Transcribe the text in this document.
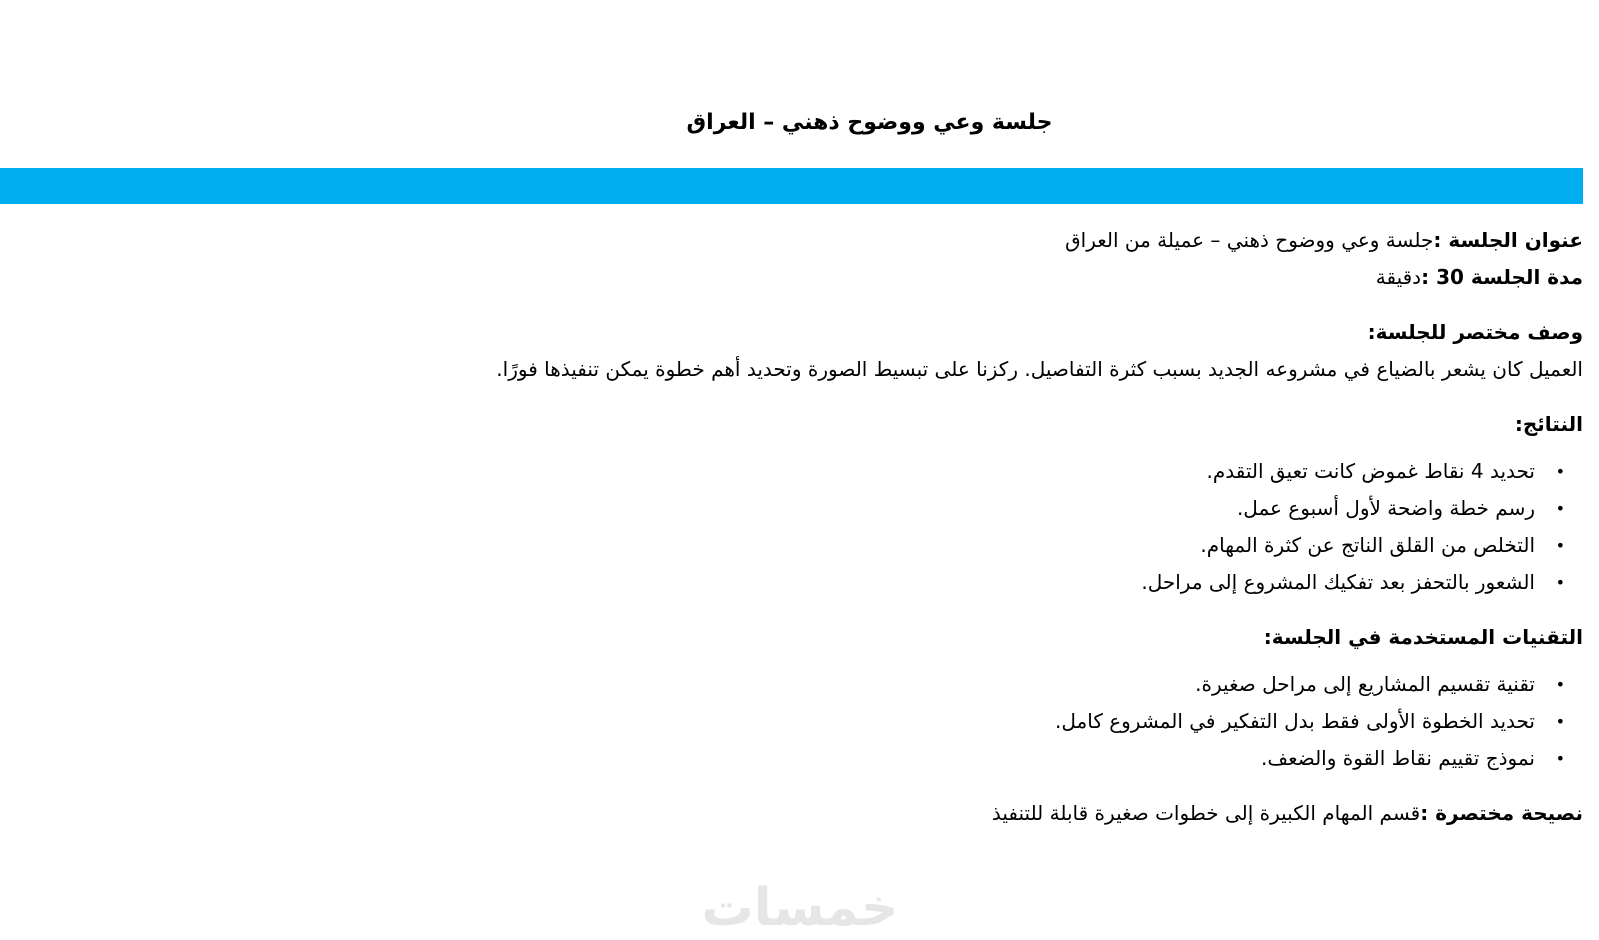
جلسة وعي ووضوح ذهني – العراق
عنوان الجلسة :جلسة وعي ووضوح ذهني – عميلة من العراق
مدة الجلسة 30 :دقيقة
وصف مختصر للجلسة:
العميل كان يشعر بالضياع في مشروعه الجديد بسبب كثرة التفاصيل. ركزنا على تبسيط الصورة وتحديد أهم خطوة يمكن تنفيذها فورًا.
النتائج:
• تحديد 4 نقاط غموض كانت تعيق التقدم.
• رسم خطة واضحة لأول أسبوع عمل.
• التخلص من القلق الناتج عن كثرة المهام.
• الشعور بالتحفز بعد تفكيك المشروع إلى مراحل.
التقنيات المستخدمة في الجلسة:
• تقنية تقسيم المشاريع إلى مراحل صغيرة.
• تحديد الخطوة الأولى فقط بدل التفكير في المشروع كامل.
• نموذج تقييم نقاط القوة والضعف.
نصيحة مختصرة :قسم المهام الكبيرة إلى خطوات صغيرة قابلة للتنفيذ
خمسات
